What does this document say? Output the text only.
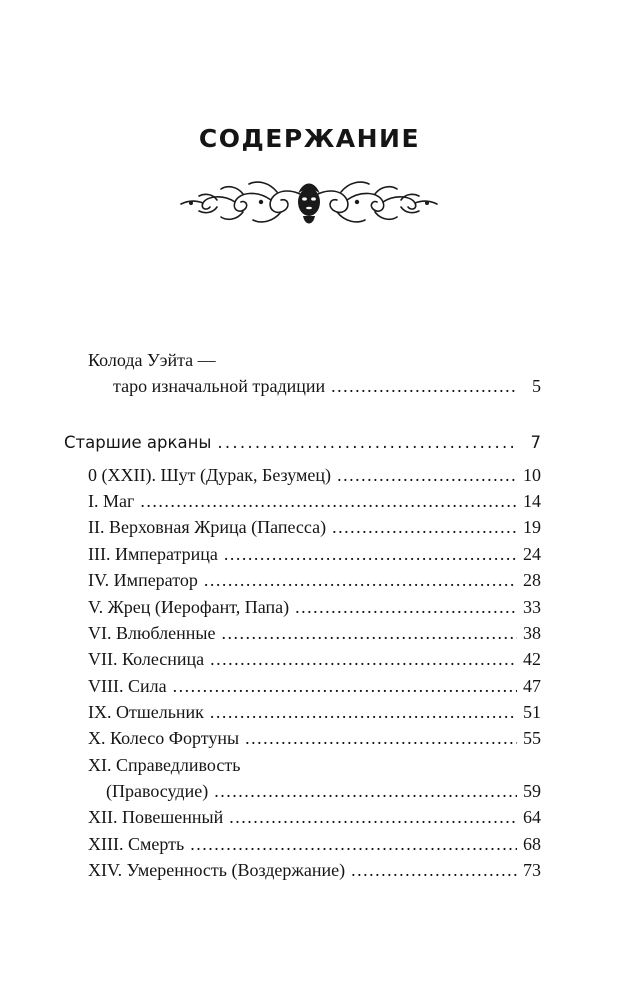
СОДЕРЖАНИЕ
Колода Уэйта —
таро изначальной традиции . . .	5
Старшие арканы . . .	7
0 (XXII). Шут (Дурак, Безумец) . . .	10
I. Маг . . .	14
II. Верховная Жрица (Папесса) . . .	19
III. Императрица . . .	24
IV. Император . . .	28
V. Жрец (Иерофант, Папа) . . .	33
VI. Влюбленные . . .	38
VII. Колесница . . .	42
VIII. Сила . . .	47
IX. Отшельник . . .	51
X. Колесо Фортуны . . .	55
XI. Справедливость
(Правосудие) . . .	59
XII. Повешенный . . .	64
XIII. Смерть . . .	68
XIV. Умеренность (Воздержание) . . .	73
